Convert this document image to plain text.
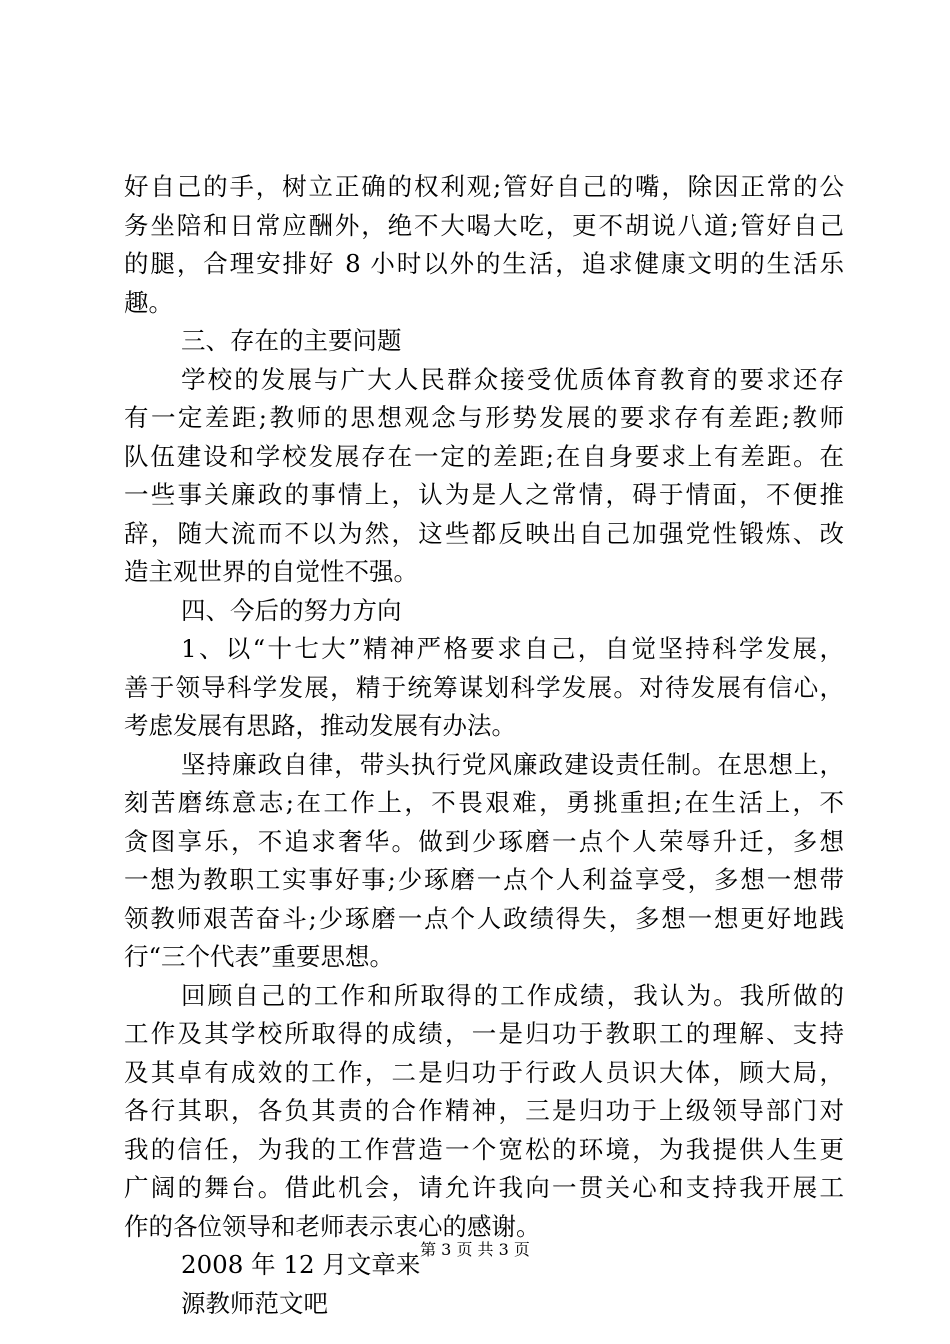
好自己的手，树立正确的权利观;管好自己的嘴，除因正常的公
务坐陪和日常应酬外，绝不大喝大吃，更不胡说八道;管好自己
的腿，合理安排好 8 小时以外的生活，追求健康文明的生活乐
趣。
三、存在的主要问题
学校的发展与广大人民群众接受优质体育教育的要求还存
有一定差距;教师的思想观念与形势发展的要求存有差距;教师
队伍建设和学校发展存在一定的差距;在自身要求上有差距。在
一些事关廉政的事情上，认为是人之常情，碍于情面，不便推
辞，随大流而不以为然，这些都反映出自己加强党性锻炼、改
造主观世界的自觉性不强。
四、今后的努力方向
1、以“十七大”精神严格要求自己，自觉坚持科学发展，
善于领导科学发展，精于统筹谋划科学发展。对待发展有信心，
考虑发展有思路，推动发展有办法。
坚持廉政自律，带头执行党风廉政建设责任制。在思想上，
刻苦磨练意志;在工作上，不畏艰难，勇挑重担;在生活上，不
贪图享乐，不追求奢华。做到少琢磨一点个人荣辱升迁，多想
一想为教职工实事好事;少琢磨一点个人利益享受，多想一想带
领教师艰苦奋斗;少琢磨一点个人政绩得失，多想一想更好地践
行“三个代表”重要思想。
回顾自己的工作和所取得的工作成绩，我认为。我所做的
工作及其学校所取得的成绩，一是归功于教职工的理解、支持
及其卓有成效的工作，二是归功于行政人员识大体，顾大局，
各行其职，各负其责的合作精神，三是归功于上级领导部门对
我的信任，为我的工作营造一个宽松的环境，为我提供人生更
广阔的舞台。借此机会，请允许我向一贯关心和支持我开展工
作的各位领导和老师表示衷心的感谢。
2008 年 12 月文章来
源教师范文吧
第 3 页 共 3 页
